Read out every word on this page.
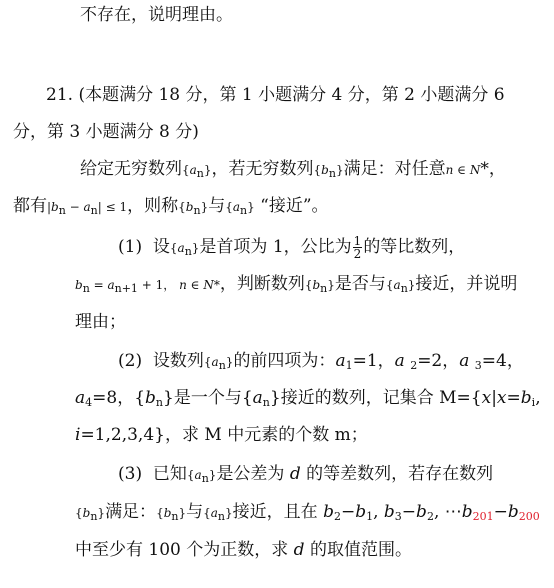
不存在，说明理由。
21. (本题满分 18 分，第 1 小题满分 4 分，第 2 小题满分 6
分，第 3 小题满分 8 分)
给定无穷数列$\{a_n\}$，若无穷数列$\{b_n\}$满足：对任意n ∈ N*，
都有$|b_n - a_n| \le 1$，则称$\{b_n\}$与$\{a_n\}$ “接近”。
(1) 设$\{a_n\}$是首项为 1，公比为 $\frac{1}{2}$ 的等比数列，
$b_n = a_{n+1} + 1$， n ∈ N*，判断数列$\{b_n\}$是否与$\{a_n\}$接近，并说明
理由；
(2) 设数列$\{a_n\}$的前四项为：$a_1=1$，a $_2$=2，a $_3$=4，
$a_4=8$，$\{b_n\}$是一个与$\{a_n\}$接近的数列，记集合 $M=\{x|x=b_i$,
i=1,2,3,4}，求 M 中元素的个数 m；
(3) 已知$\{a_n\}$是公差为 d 的等差数列，若存在数列
$\{b_n\}$满足：$\{b_n\}$与$\{a_n\}$接近，且在 $b_2-b_1$, $b_3-b_2$, $\cdots b_{201}-b_{200}$
中至少有 100 个为正数，求 d 的取值范围。
